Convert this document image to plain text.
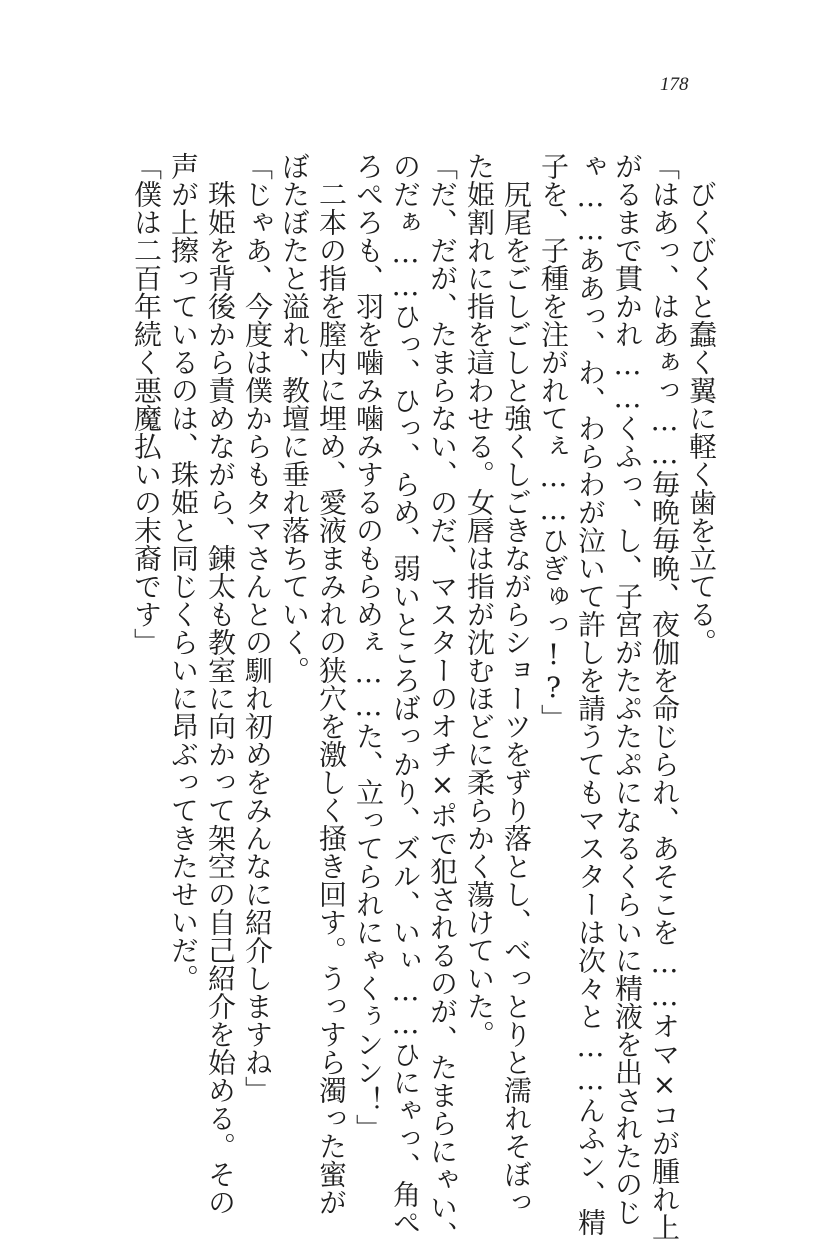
178
びくびくと蠢く翼に軽く歯を立てる。
「はあっ、はあぁっ……毎晩毎晩、夜伽を命じられ、あそこを……オマ×コが腫れ上
がるまで貫かれ……くふっ、し、子宮がたぷたぷになるくらいに精液を出されたのじ
ゃ……ああっ、わ、わらわが泣いて許しを請うてもマスターは次々と……んふン、精
子を、子種を注がれてぇ……ひぎゅっ!?」
尻尾をごしごしと強くしごきながらショーツをずり落とし、べっとりと濡れそぼっ
た姫割れに指を這わせる。女唇は指が沈むほどに柔らかく蕩けていた。
「だ、だが、たまらない、のだ、マスターのオチ×ポで犯されるのが、たまらにゃい、
のだぁ……ひっ、ひっ、らめ、弱いところばっかり、ズル、いぃ……ひにゃっ、角ぺ
ろぺろも、羽を噛み噛みするのもらめぇ……た、立ってられにゃくぅンン！」
二本の指を膣内に埋め、愛液まみれの狭穴を激しく掻き回す。うっすら濁った蜜が
ぼたぼたと溢れ、教壇に垂れ落ちていく。
「じゃあ、今度は僕からもタマさんとの馴れ初めをみんなに紹介しますね」
珠姫を背後から責めながら、錬太も教室に向かって架空の自己紹介を始める。その
声が上擦っているのは、珠姫と同じくらいに昂ぶってきたせいだ。
「僕は二百年続く悪魔払いの末裔です」
